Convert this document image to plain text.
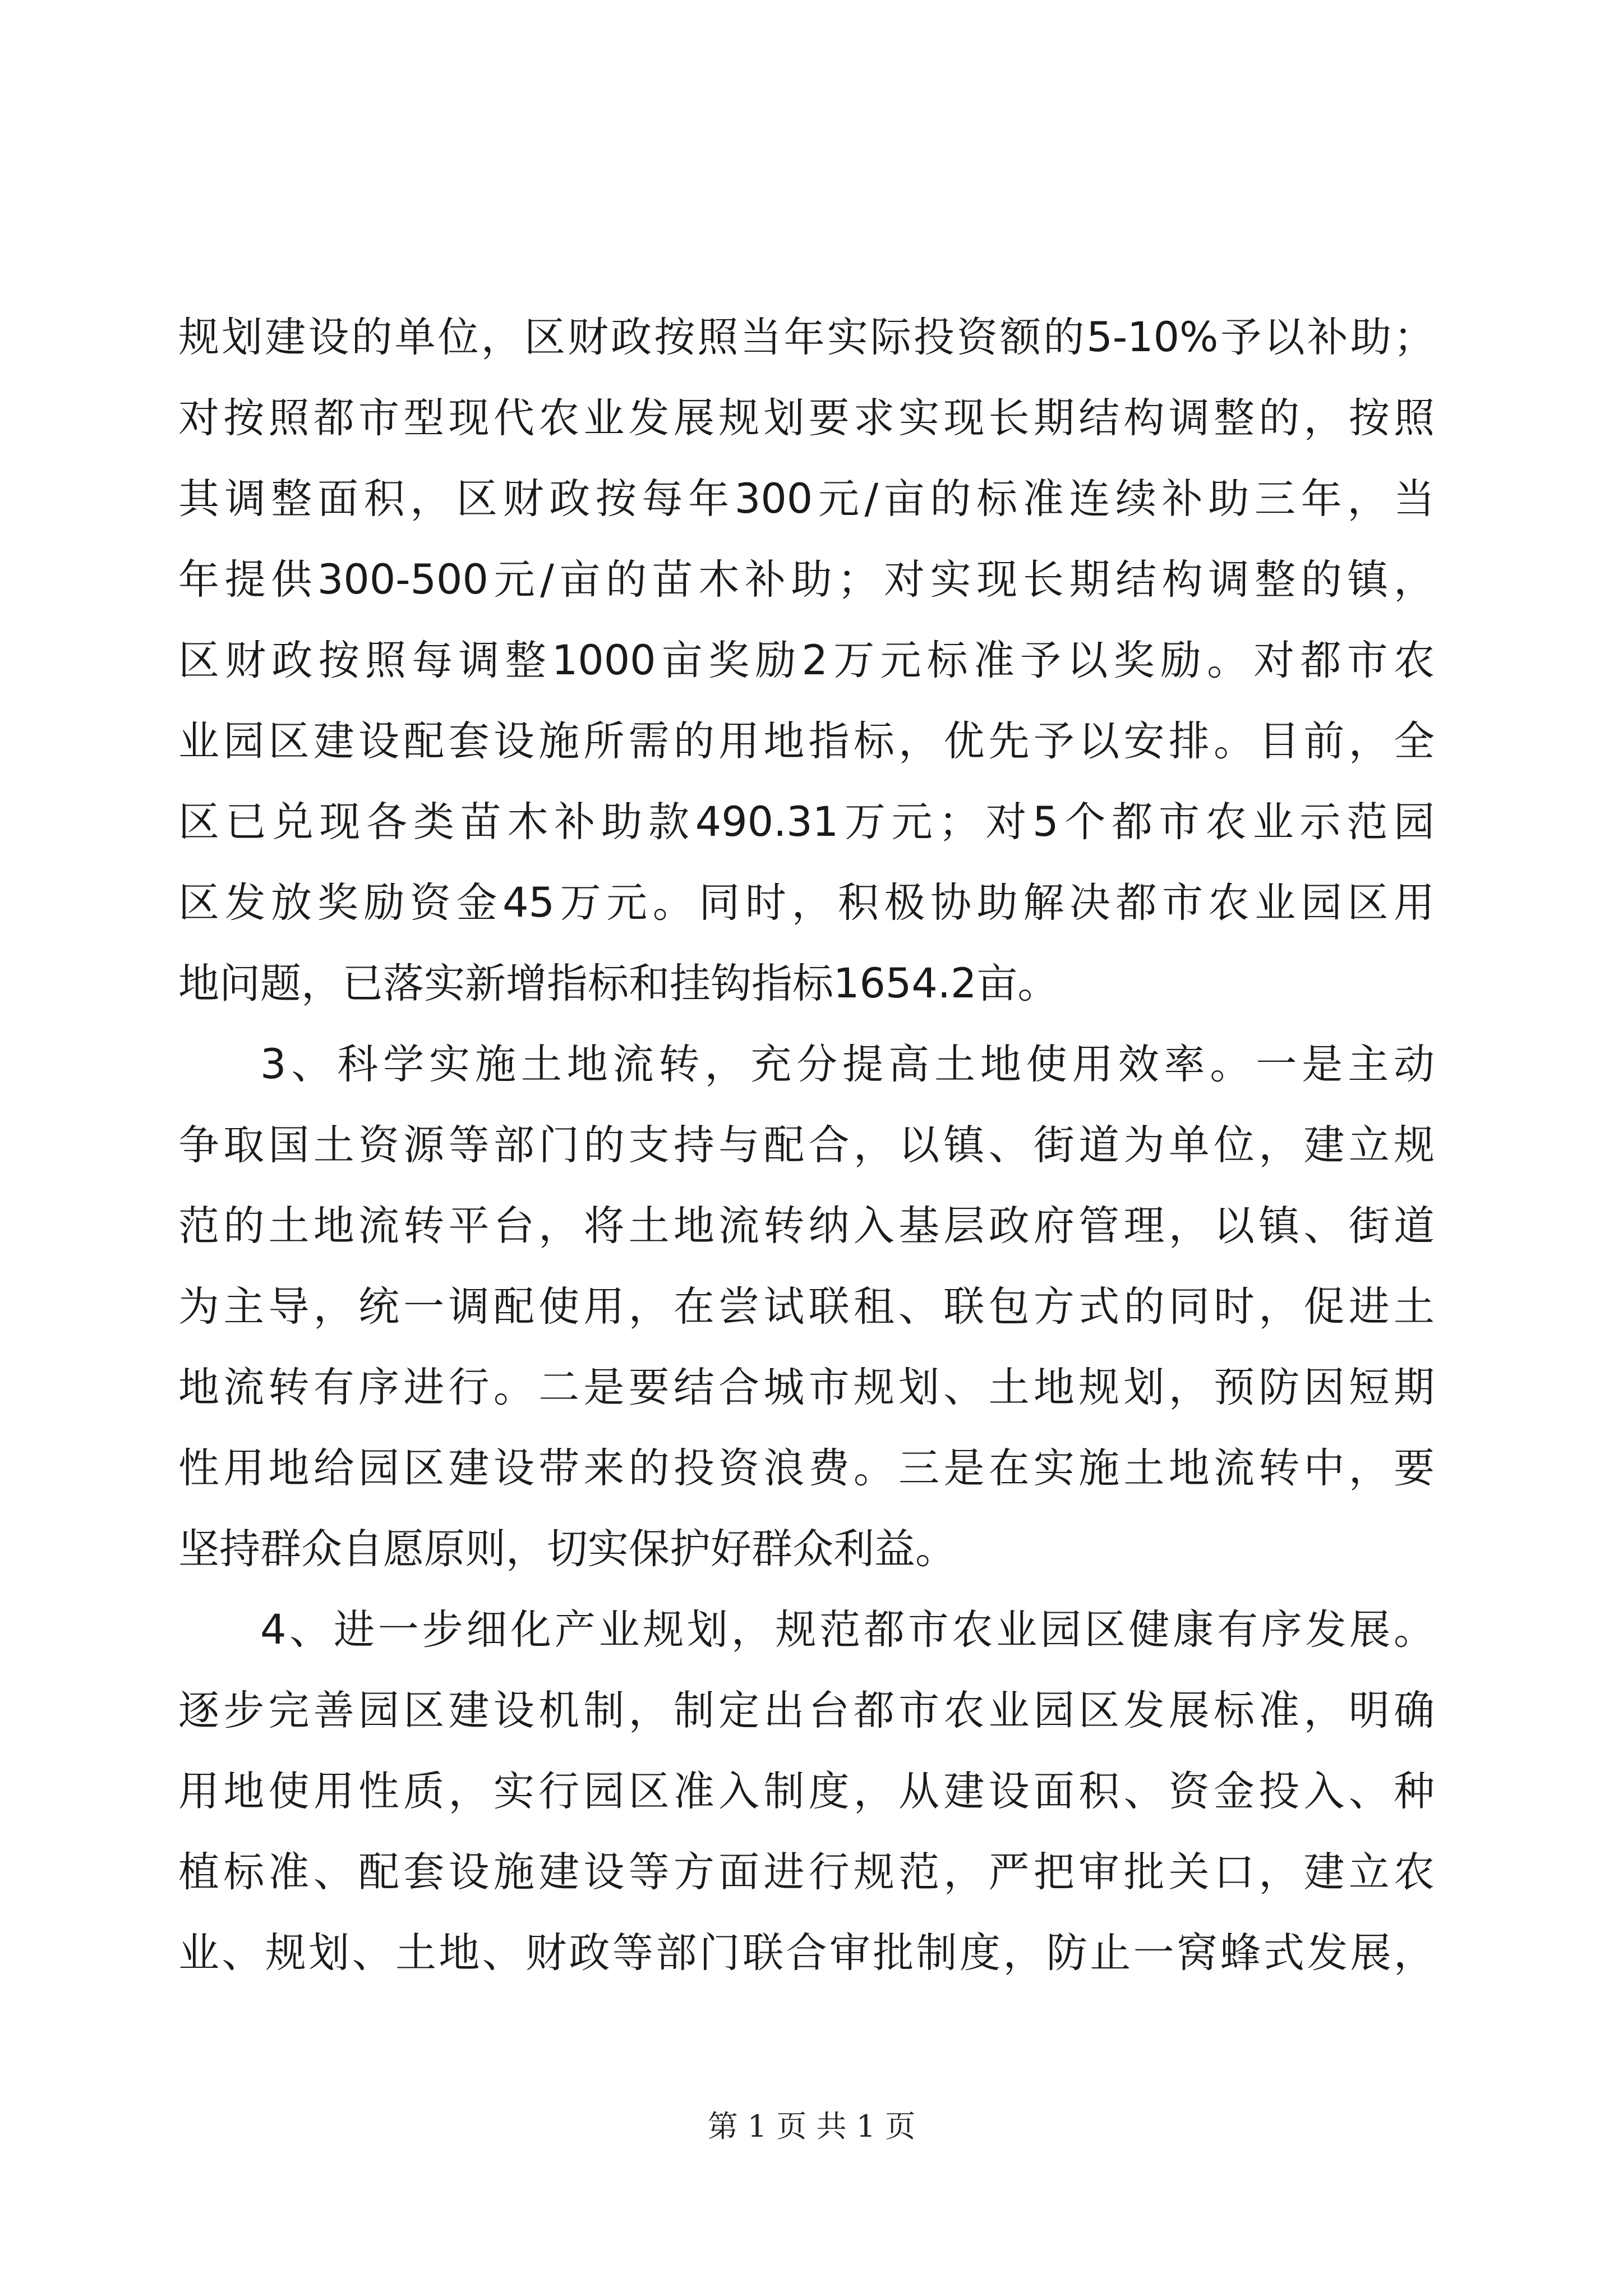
规划建设的单位，区财政按照当年实际投资额的5-10%予以补助；
对按照都市型现代农业发展规划要求实现长期结构调整的，按照
其调整面积，区财政按每年300元/亩的标准连续补助三年，当
年提供300-500元/亩的苗木补助；对实现长期结构调整的镇，
区财政按照每调整1000亩奖励2万元标准予以奖励。对都市农
业园区建设配套设施所需的用地指标，优先予以安排。目前，全
区已兑现各类苗木补助款490.31万元；对5个都市农业示范园
区发放奖励资金45万元。同时，积极协助解决都市农业园区用
地问题，已落实新增指标和挂钩指标1654.2亩。
3、科学实施土地流转，充分提高土地使用效率。一是主动
争取国土资源等部门的支持与配合，以镇、街道为单位，建立规
范的土地流转平台，将土地流转纳入基层政府管理，以镇、街道
为主导，统一调配使用，在尝试联租、联包方式的同时，促进土
地流转有序进行。二是要结合城市规划、土地规划，预防因短期
性用地给园区建设带来的投资浪费。三是在实施土地流转中，要
坚持群众自愿原则，切实保护好群众利益。
4、进一步细化产业规划，规范都市农业园区健康有序发展。
逐步完善园区建设机制，制定出台都市农业园区发展标准，明确
用地使用性质，实行园区准入制度，从建设面积、资金投入、种
植标准、配套设施建设等方面进行规范，严把审批关口，建立农
业、规划、土地、财政等部门联合审批制度，防止一窝蜂式发展，
第 1 页 共 1 页
